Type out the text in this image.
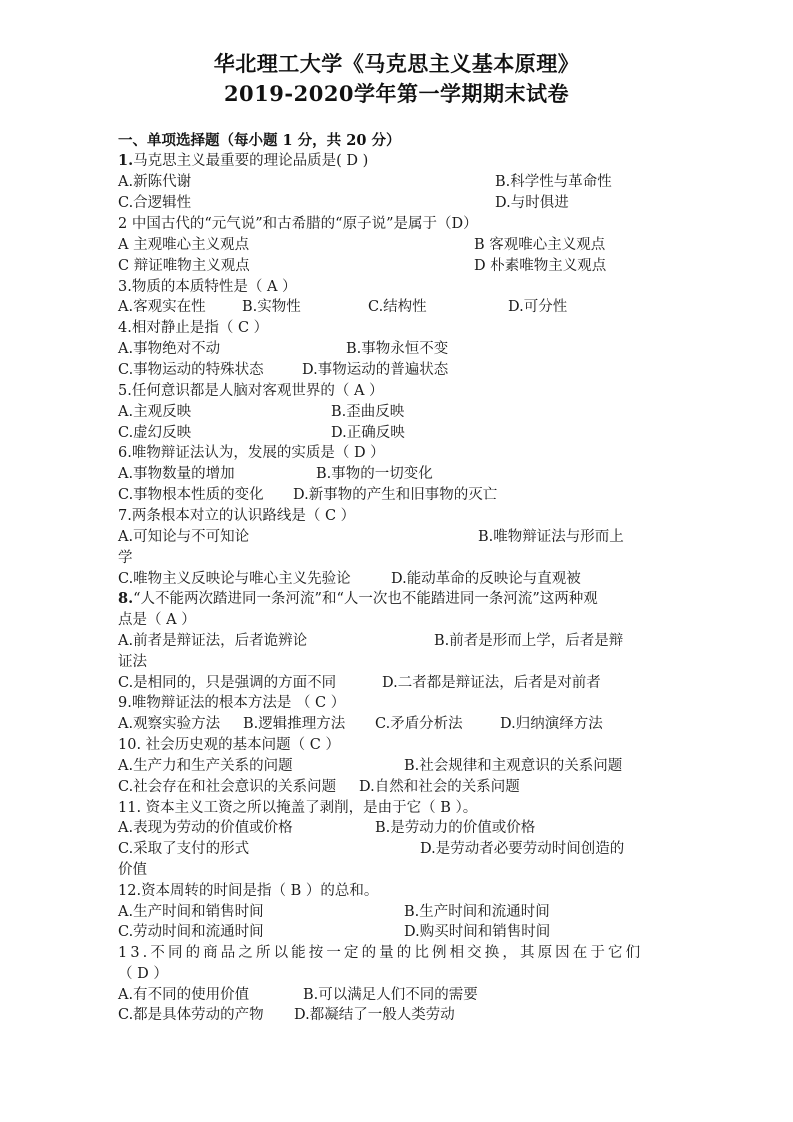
华北理工大学《马克思主义基本原理》
2019-2020学年第一学期期末试卷
一、单项选择题（每小题 1 分，共 20 分）
1.马克思主义最重要的理论品质是( D )
A.新陈代谢	B.科学性与革命性
C.合逻辑性	D.与时俱进
2 中国古代的“元气说”和古希腊的“原子说”是属于（D）
A 主观唯心主义观点	B 客观唯心主义观点
C 辩证唯物主义观点	D 朴素唯物主义观点
3.物质的本质特性是（ A ）
A.客观实在性	B.实物性	C.结构性	D.可分性
4.相对静止是指（ C ）
A.事物绝对不动	B.事物永恒不变
C.事物运动的特殊状态	D.事物运动的普遍状态
5.任何意识都是人脑对客观世界的（ A ）
A.主观反映	B.歪曲反映
C.虚幻反映	D.正确反映
6.唯物辩证法认为，发展的实质是（ D ）
A.事物数量的增加	B.事物的一切变化
C.事物根本性质的变化 D.新事物的产生和旧事物的灭亡
7.两条根本对立的认识路线是（ C ）
A.可知论与不可知论	B.唯物辩证法与形而上
学
C.唯物主义反映论与唯心主义先验论	D.能动革命的反映论与直观被
8.“人不能两次踏进同一条河流”和“人一次也不能踏进同一条河流”这两种观
点是（ A ）
A.前者是辩证法，后者诡辨论	B.前者是形而上学，后者是辩
证法
C.是相同的，只是强调的方面不同	D.二者都是辩证法，后者是对前者
9.唯物辩证法的根本方法是 （ C ）
A.观察实验方法 B.逻辑推理方法 C.矛盾分析法	D.归纳演绎方法
10. 社会历史观的基本问题（ C ）
A.生产力和生产关系的问题	B.社会规律和主观意识的关系问题
C.社会存在和社会意识的关系问题 D.自然和社会的关系问题
11. 资本主义工资之所以掩盖了剥削，是由于它（ B ）。
A.表现为劳动的价值或价格	B.是劳动力的价值或价格
C.采取了支付的形式	D.是劳动者必要劳动时间创造的
价值
12.资本周转的时间是指（ B ）的总和。
A.生产时间和销售时间	B.生产时间和流通时间
C.劳动时间和流通时间	D.购买时间和销售时间
13.不同的商品之所以能按一定的量的比例相交换，其原因在于它们
（ D ）
A.有不同的使用价值	B.可以满足人们不同的需要
C.都是具体劳动的产物 D.都凝结了一般人类劳动
